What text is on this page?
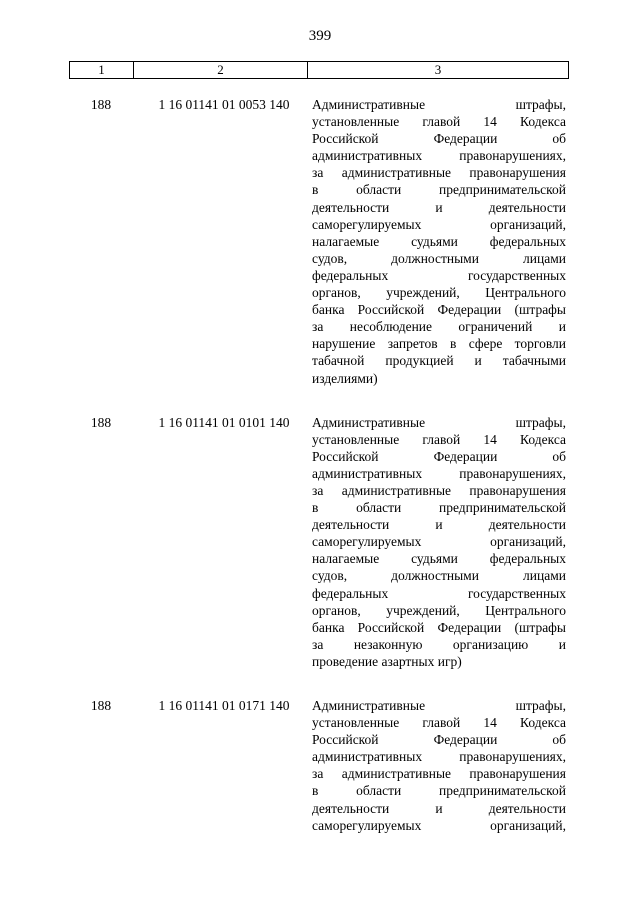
399
1	2	3
188	1 16 01141 01 0053 140	Административные штрафы,
установленные главой 14 Кодекса
Российской Федерации об
административных правонарушениях,
за административные правонарушения
в области предпринимательской
деятельности и деятельности
саморегулируемых организаций,
налагаемые судьями федеральных
судов, должностными лицами
федеральных государственных
органов, учреждений, Центрального
банка Российской Федерации (штрафы
за несоблюдение ограничений и
нарушение запретов в сфере торговли
табачной продукцией и табачными
изделиями)
188	1 16 01141 01 0101 140	Административные штрафы,
установленные главой 14 Кодекса
Российской Федерации об
административных правонарушениях,
за административные правонарушения
в области предпринимательской
деятельности и деятельности
саморегулируемых организаций,
налагаемые судьями федеральных
судов, должностными лицами
федеральных государственных
органов, учреждений, Центрального
банка Российской Федерации (штрафы
за незаконную организацию и
проведение азартных игр)
188	1 16 01141 01 0171 140	Административные штрафы,
установленные главой 14 Кодекса
Российской Федерации об
административных правонарушениях,
за административные правонарушения
в области предпринимательской
деятельности и деятельности
саморегулируемых организаций,
